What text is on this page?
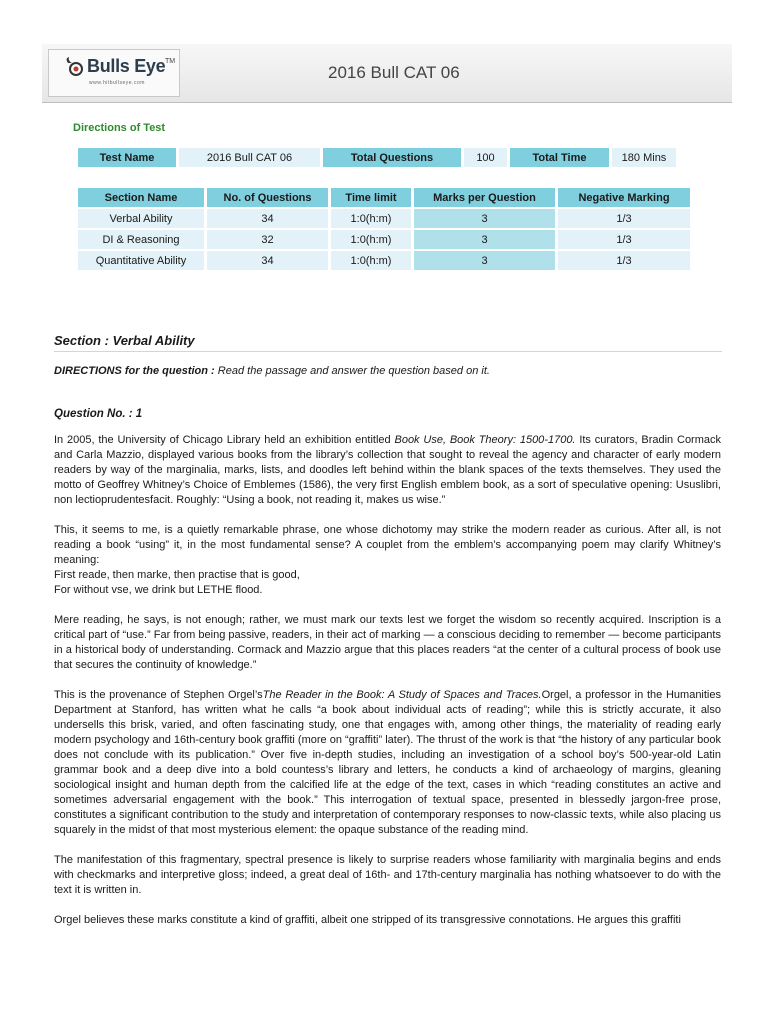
Bulls Eye TM
www.hitbullseye.com
2016 Bull CAT 06
Directions of Test
Test Name	2016 Bull CAT 06	Total Questions	100	Total Time	180 Mins
Section Name	No. of Questions	Time limit	Marks per Question	Negative Marking
Verbal Ability	34	1:0(h:m)	3	1/3
DI & Reasoning	32	1:0(h:m)	3	1/3
Quantitative Ability	34	1:0(h:m)	3	1/3
Section : Verbal Ability
DIRECTIONS for the question : Read the passage and answer the question based on it.
Question No. : 1

In 2005, the University of Chicago Library held an exhibition entitled Book Use, Book Theory: 1500-1700. Its curators, Bradin Cormack and Carla Mazzio, displayed various books from the library’s collection that sought to reveal the agency and character of early modern readers by way of the marginalia, marks, lists, and doodles left behind within the blank spaces of the texts themselves. They used the motto of Geoffrey Whitney’s Choice of Emblemes (1586), the very first English emblem book, as a sort of speculative opening: Ususlibri, non lectioprudentesfacit. Roughly: “Using a book, not reading it, makes us wise.”

This, it seems to me, is a quietly remarkable phrase, one whose dichotomy may strike the modern reader as curious. After all, is not reading a book “using” it, in the most fundamental sense? A couplet from the emblem’s accompanying poem may clarify Whitney’s meaning:
First reade, then marke, then practise that is good,

For without vse, we drink but LETHE flood.

Mere reading, he says, is not enough; rather, we must mark our texts lest we forget the wisdom so recently acquired. Inscription is a critical part of “use.” Far from being passive, readers, in their act of marking — a conscious deciding to remember — become participants in a historical body of understanding. Cormack and Mazzio argue that this places readers “at the center of a cultural process of book use that secures the continuity of knowledge.”

This is the provenance of Stephen Orgel’sThe Reader in the Book: A Study of Spaces and Traces.Orgel, a professor in the Humanities Department at Stanford, has written what he calls “a book about individual acts of reading”; while this is strictly accurate, it also undersells this brisk, varied, and often fascinating study, one that engages with, among other things, the materiality of reading early modern psychology and 16th-century book graffiti (more on “graffiti” later). The thrust of the work is that “the history of any particular book does not conclude with its publication.” Over five in-depth studies, including an investigation of a school boy’s 500-year-old Latin grammar book and a deep dive into a bold countess’s library and letters, he conducts a kind of archaeology of margins, gleaning sociological insight and human depth from the calcified life at the edge of the text, cases in which “reading constitutes an active and sometimes adversarial engagement with the book.” This interrogation of textual space, presented in blessedly jargon-free prose, constitutes a significant contribution to the study and interpretation of contemporary responses to now-classic texts, while also placing us squarely in the midst of that most mysterious element: the opaque substance of the reading mind.

The manifestation of this fragmentary, spectral presence is likely to surprise readers whose familiarity with marginalia begins and ends with checkmarks and interpretive gloss; indeed, a great deal of 16th- and 17th-century marginalia has nothing whatsoever to do with the text it is written in.

Orgel believes these marks constitute a kind of graffiti, albeit one stripped of its transgressive connotations. He argues this graffiti
